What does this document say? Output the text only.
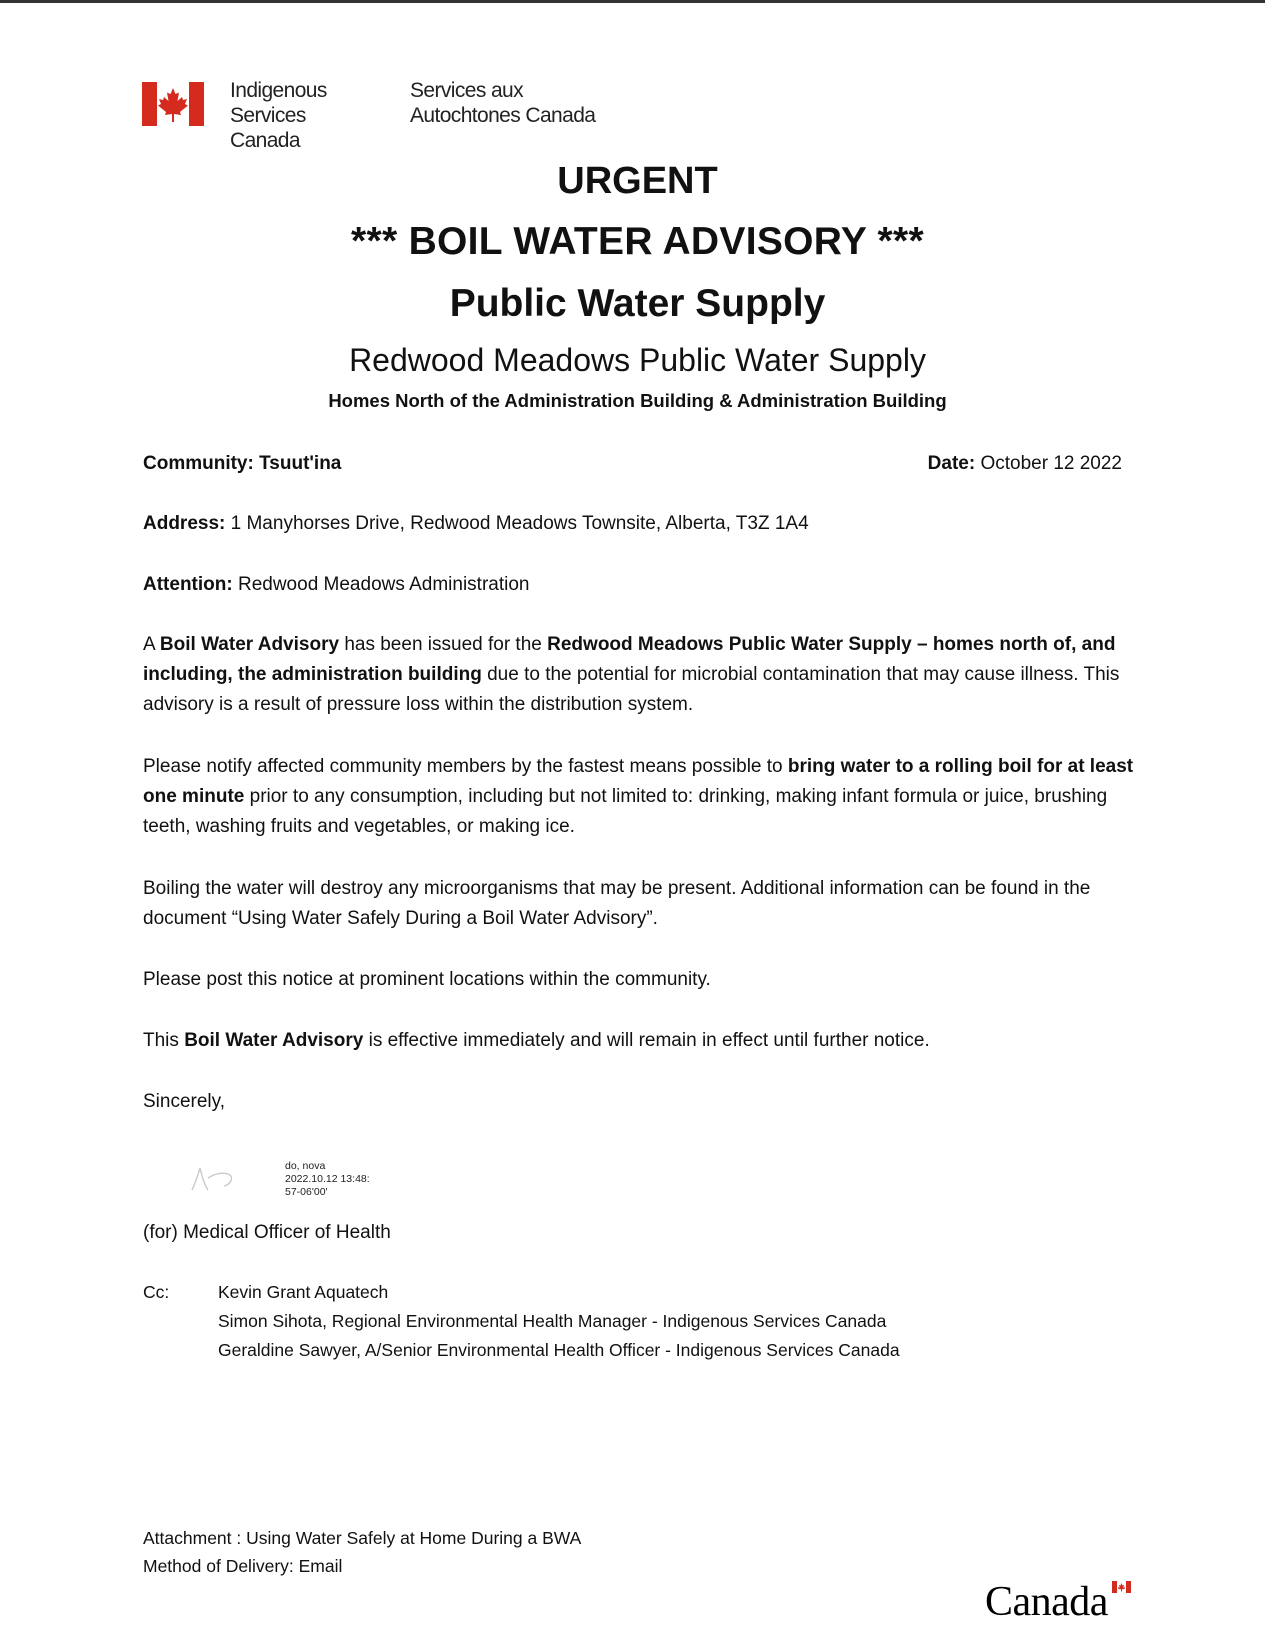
Indigenous Services
Canada
Services aux
Autochtones Canada
URGENT
*** BOIL WATER ADVISORY ***
Public Water Supply
Redwood Meadows Public Water Supply
Homes North of the Administration Building & Administration Building
Community: Tsuut'ina	Date: October 12 2022
Address: 1 Manyhorses Drive, Redwood Meadows Townsite, Alberta, T3Z 1A4
Attention: Redwood Meadows Administration
A Boil Water Advisory has been issued for the Redwood Meadows Public Water Supply – homes north of, and including, the administration building due to the potential for microbial contamination that may cause illness. This advisory is a result of pressure loss within the distribution system.
Please notify affected community members by the fastest means possible to bring water to a rolling boil for at least one minute prior to any consumption, including but not limited to: drinking, making infant formula or juice, brushing teeth, washing fruits and vegetables, or making ice.
Boiling the water will destroy any microorganisms that may be present. Additional information can be found in the document “Using Water Safely During a Boil Water Advisory”.
Please post this notice at prominent locations within the community.
This Boil Water Advisory is effective immediately and will remain in effect until further notice.
Sincerely,
do, nova
2022.10.12 13:48:
57-06'00'
(for) Medical Officer of Health
Cc:	Kevin Grant Aquatech
Simon Sihota, Regional Environmental Health Manager - Indigenous Services Canada
Geraldine Sawyer, A/Senior Environmental Health Officer - Indigenous Services Canada
Attachment : Using Water Safely at Home During a BWA
Method of Delivery: Email
Canada
